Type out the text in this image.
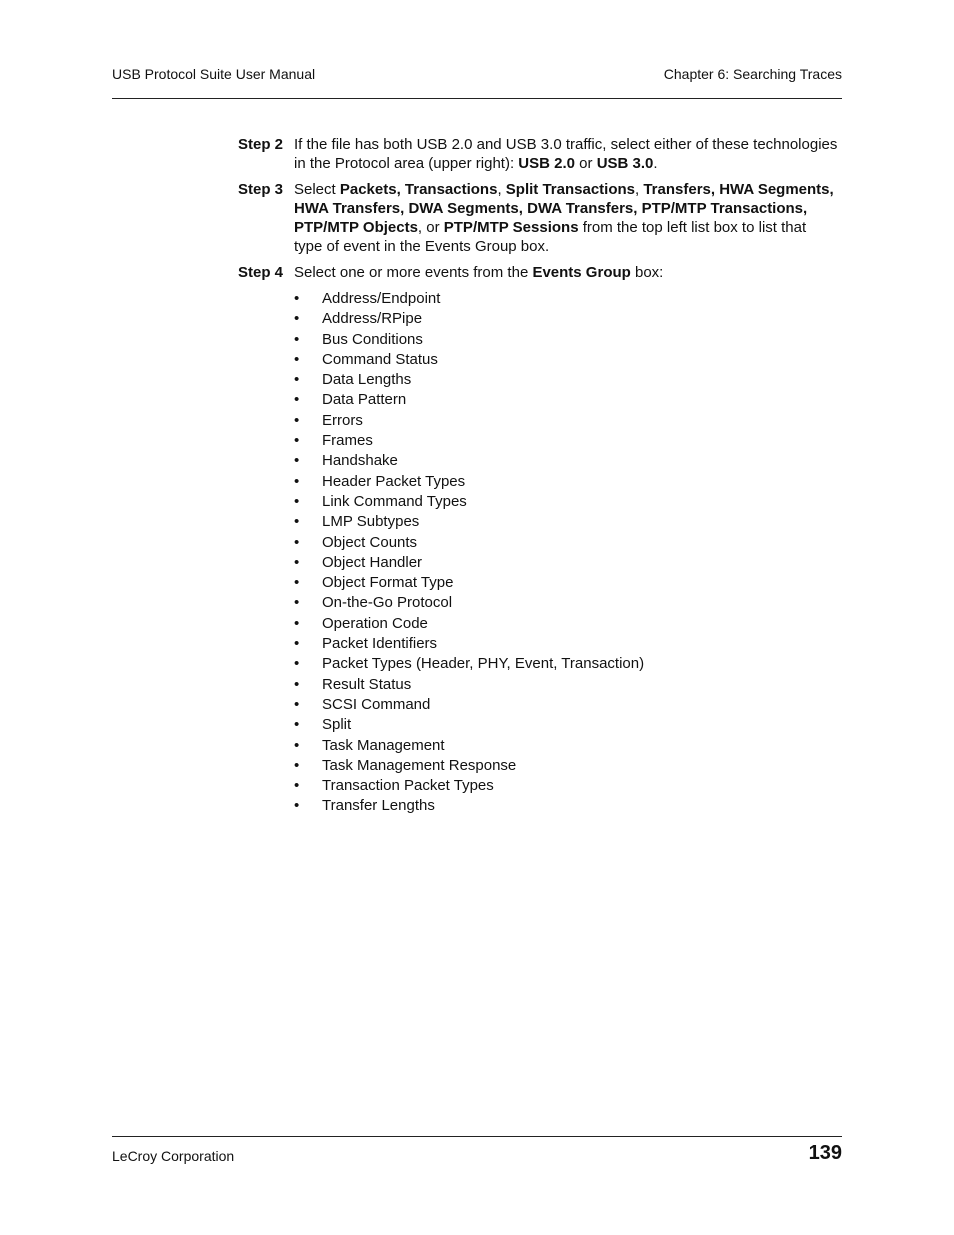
USB Protocol Suite User Manual	Chapter 6: Searching Traces
Step 2 If the file has both USB 2.0 and USB 3.0 traffic, select either of these technologies in the Protocol area (upper right): USB 2.0 or USB 3.0.
Step 3 Select Packets, Transactions, Split Transactions, Transfers, HWA Segments, HWA Transfers, DWA Segments, DWA Transfers, PTP/MTP Transactions, PTP/MTP Objects, or PTP/MTP Sessions from the top left list box to list that type of event in the Events Group box.
Step 4 Select one or more events from the Events Group box:
• Address/Endpoint
• Address/RPipe
• Bus Conditions
• Command Status
• Data Lengths
• Data Pattern
• Errors
• Frames
• Handshake
• Header Packet Types
• Link Command Types
• LMP Subtypes
• Object Counts
• Object Handler
• Object Format Type
• On-the-Go Protocol
• Operation Code
• Packet Identifiers
• Packet Types (Header, PHY, Event, Transaction)
• Result Status
• SCSI Command
• Split
• Task Management
• Task Management Response
• Transaction Packet Types
• Transfer Lengths
LeCroy Corporation	139
